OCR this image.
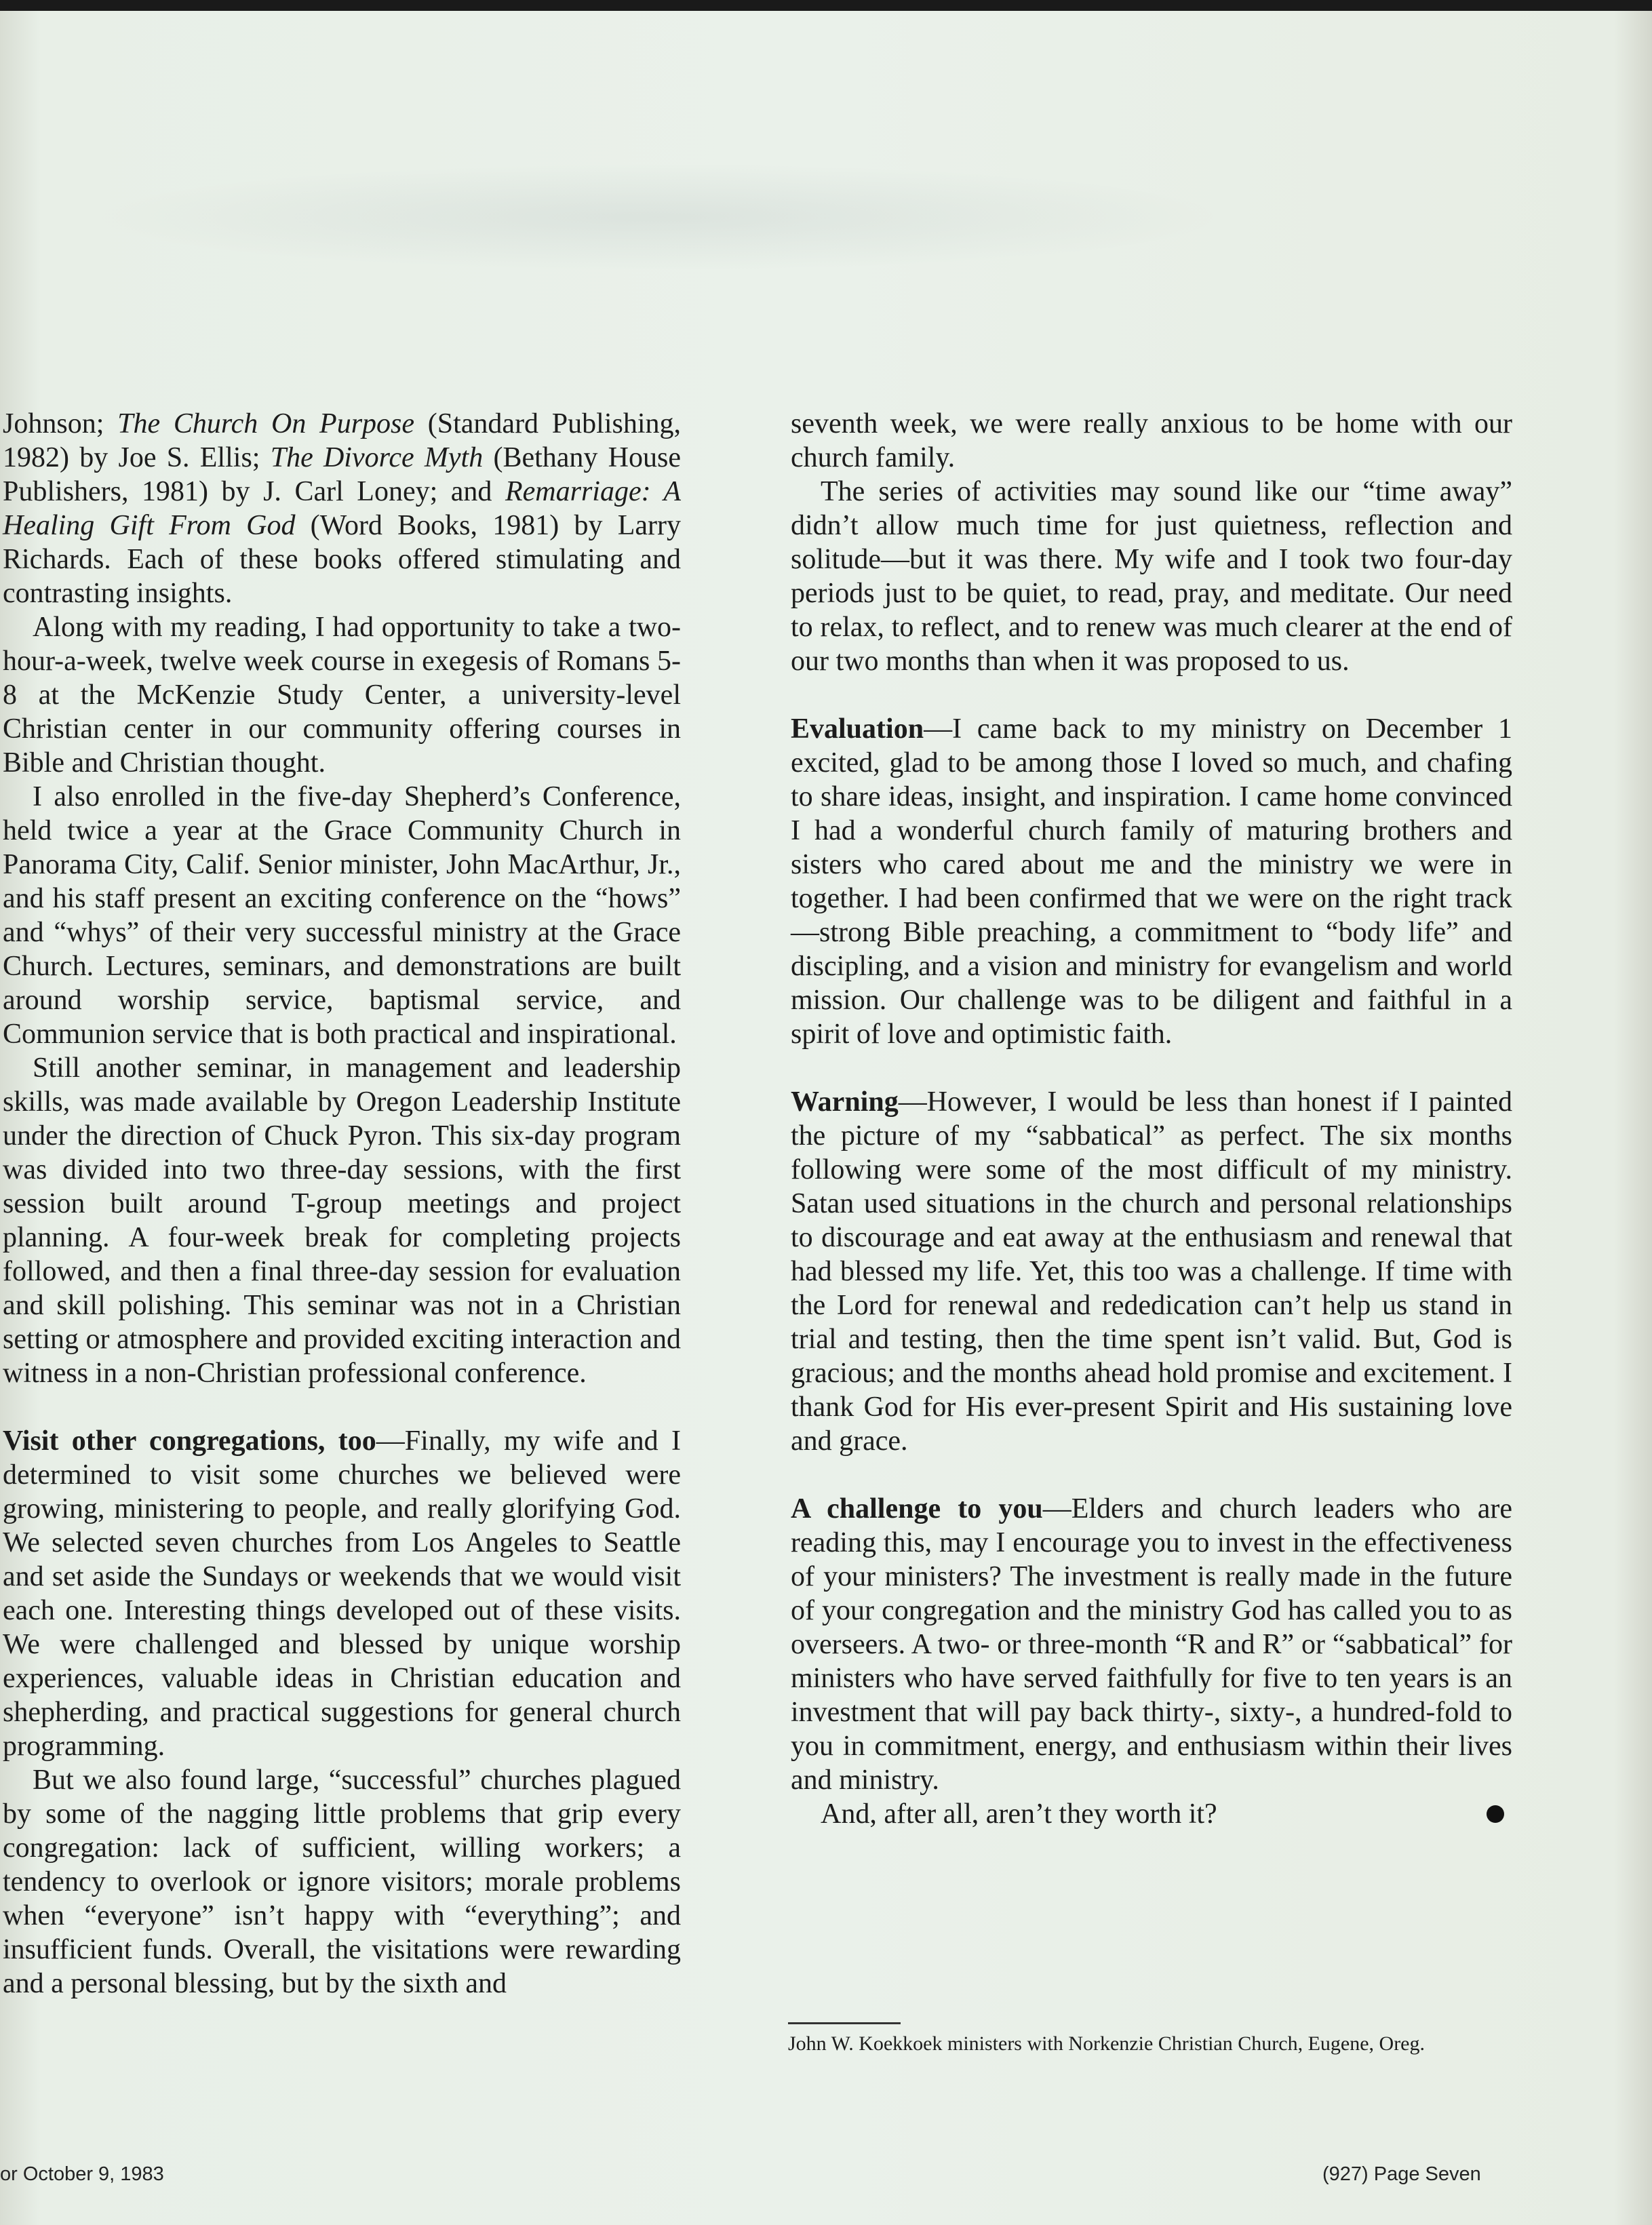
Johnson; The Church On Purpose (Standard Publishing, 1982) by Joe S. Ellis; The Divorce Myth (Bethany House Publishers, 1981) by J. Carl Loney; and Remarriage: A Healing Gift From God (Word Books, 1981) by Larry Richards. Each of these books offered stimulating and contrasting insights.

Along with my reading, I had opportunity to take a two-hour-a-week, twelve week course in exegesis of Romans 5-8 at the McKenzie Study Center, a university-level Christian center in our community offering courses in Bible and Christian thought.

I also enrolled in the five-day Shepherd’s Conference, held twice a year at the Grace Community Church in Panorama City, Calif. Senior minister, John MacArthur, Jr., and his staff present an exciting conference on the “hows” and “whys” of their very successful ministry at the Grace Church. Lectures, seminars, and demonstrations are built around worship service, baptismal service, and Communion service that is both practical and inspirational.

Still another seminar, in management and leadership skills, was made available by Oregon Leadership Institute under the direction of Chuck Pyron. This six-day program was divided into two three-day sessions, with the first session built around T-group meetings and project planning. A four-week break for completing projects followed, and then a final three-day session for evaluation and skill polishing. This seminar was not in a Christian setting or atmosphere and provided exciting interaction and witness in a non-Christian professional conference.

Visit other congregations, too—Finally, my wife and I determined to visit some churches we believed were growing, ministering to people, and really glorifying God. We selected seven churches from Los Angeles to Seattle and set aside the Sundays or weekends that we would visit each one. Interesting things developed out of these visits. We were challenged and blessed by unique worship experiences, valuable ideas in Christian education and shepherding, and practical suggestions for general church programming.

But we also found large, “successful” churches plagued by some of the nagging little problems that grip every congregation: lack of sufficient, willing workers; a tendency to overlook or ignore visitors; morale problems when “everyone” isn’t happy with “everything”; and insufficient funds. Overall, the visitations were rewarding and a personal blessing, but by the sixth and

seventh week, we were really anxious to be home with our church family.

The series of activities may sound like our “time away” didn’t allow much time for just quietness, reflection and solitude—but it was there. My wife and I took two four-day periods just to be quiet, to read, pray, and meditate. Our need to relax, to reflect, and to renew was much clearer at the end of our two months than when it was proposed to us.

Evaluation—I came back to my ministry on December 1 excited, glad to be among those I loved so much, and chafing to share ideas, insight, and inspiration. I came home convinced I had a wonderful church family of maturing brothers and sisters who cared about me and the ministry we were in together. I had been confirmed that we were on the right track—strong Bible preaching, a commitment to “body life” and discipling, and a vision and ministry for evangelism and world mission. Our challenge was to be diligent and faithful in a spirit of love and optimistic faith.

Warning—However, I would be less than honest if I painted the picture of my “sabbatical” as perfect. The six months following were some of the most difficult of my ministry. Satan used situations in the church and personal relationships to discourage and eat away at the enthusiasm and renewal that had blessed my life. Yet, this too was a challenge. If time with the Lord for renewal and rededication can’t help us stand in trial and testing, then the time spent isn’t valid. But, God is gracious; and the months ahead hold promise and excitement. I thank God for His ever-present Spirit and His sustaining love and grace.

A challenge to you—Elders and church leaders who are reading this, may I encourage you to invest in the effectiveness of your ministers? The investment is really made in the future of your congregation and the ministry God has called you to as overseers. A two- or three-month “R and R” or “sabbatical” for ministers who have served faithfully for five to ten years is an investment that will pay back thirty-, sixty-, a hundred-fold to you in commitment, energy, and enthusiasm within their lives and ministry.

And, after all, aren’t they worth it?

John W. Koekkoek ministers with Norkenzie Christian Church, Eugene, Oreg.
or October 9, 1983	(927) Page Seven
